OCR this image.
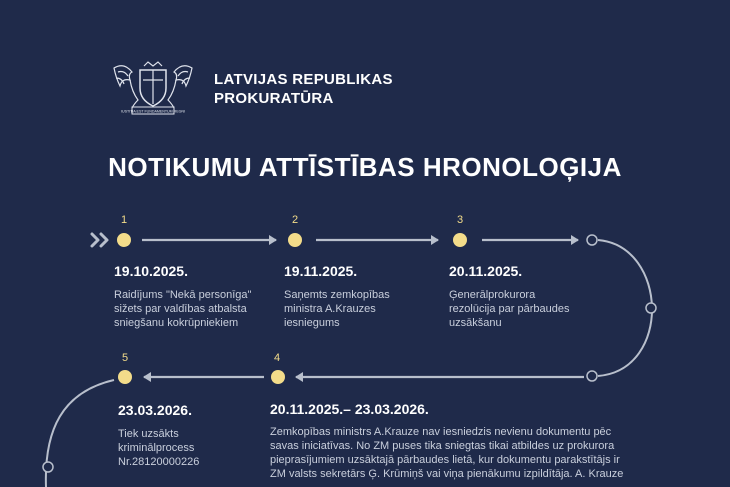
IUSTITIA EST FUNDAMENTUM REGNI
LATVIJAS REPUBLIKAS
PROKURATŪRA
NOTIKUMU ATTĪSTĪBAS HRONOLOĢIJA
1
19.10.2025.
Raidījums "Nekā personīga"
sižets par valdības atbalsta
sniegšanu kokrūpniekiem
2
19.11.2025.
Saņemts zemkopības
ministra A.Krauzes
iesniegums
3
20.11.2025.
Ģenerālprokurora
rezolūcija par pārbaudes
uzsākšanu
4
20.11.2025.– 23.03.2026.
Zemkopības ministrs A.Krauze nav iesniedzis nevienu dokumentu pēc
savas iniciatīvas. No ZM puses tika sniegtas tikai atbildes uz prokurora
pieprasījumiem uzsāktajā pārbaudes lietā, kur dokumentu parakstītājs ir
ZM valsts sekretārs Ģ. Krūmiņš vai viņa pienākumu izpildītāja. A. Krauze
5
23.03.2026.
Tiek uzsākts
kriminālprocess
Nr.28120000226
